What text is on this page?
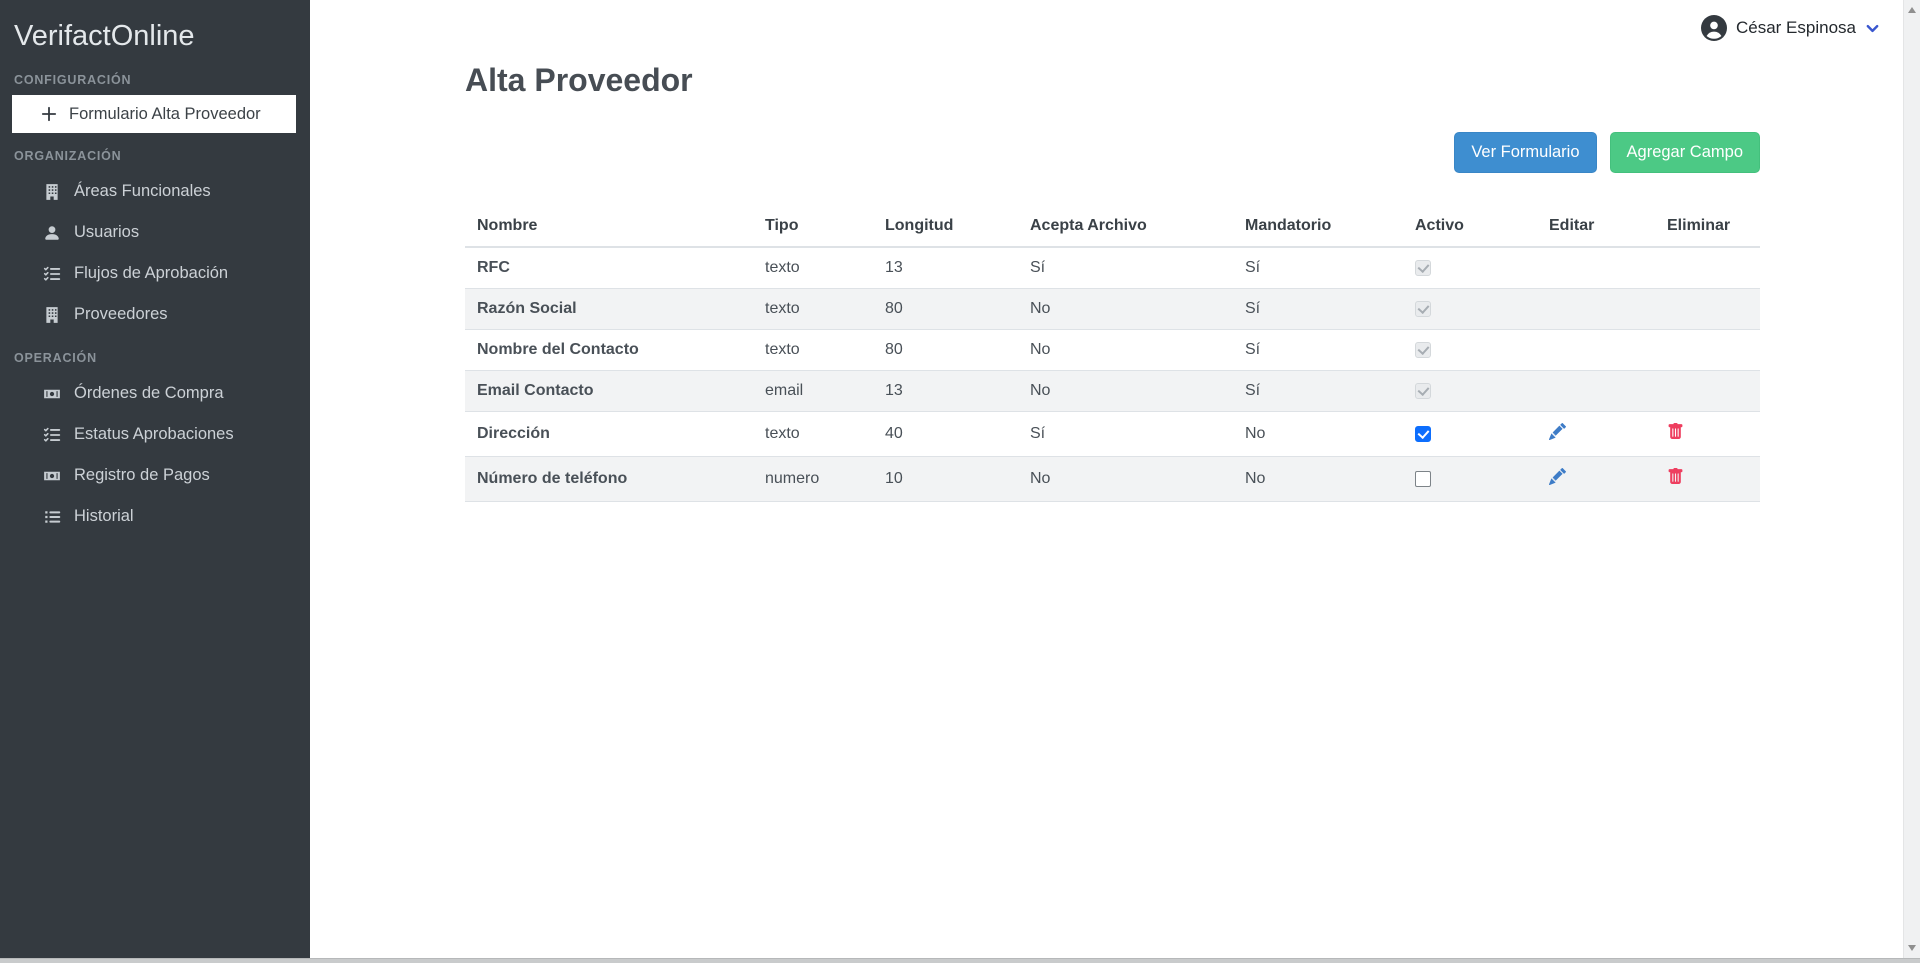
VerifactOnline
CONFIGURACIÓN
Formulario Alta Proveedor
ORGANIZACIÓN
Áreas Funcionales
Usuarios
Flujos de Aprobación
Proveedores
OPERACIÓN
Órdenes de Compra
Estatus Aprobaciones
Registro de Pagos
Historial
César Espinosa
Alta Proveedor
Ver Formulario	Agregar Campo
Nombre	Tipo	Longitud	Acepta Archivo	Mandatorio	Activo	Editar	Eliminar
RFC	texto	13	Sí	Sí			
Razón Social	texto	80	No	Sí			
Nombre del Contacto	texto	80	No	Sí			
Email Contacto	email	13	No	Sí			
Dirección	texto	40	Sí	No			
Número de teléfono	numero	10	No	No			
